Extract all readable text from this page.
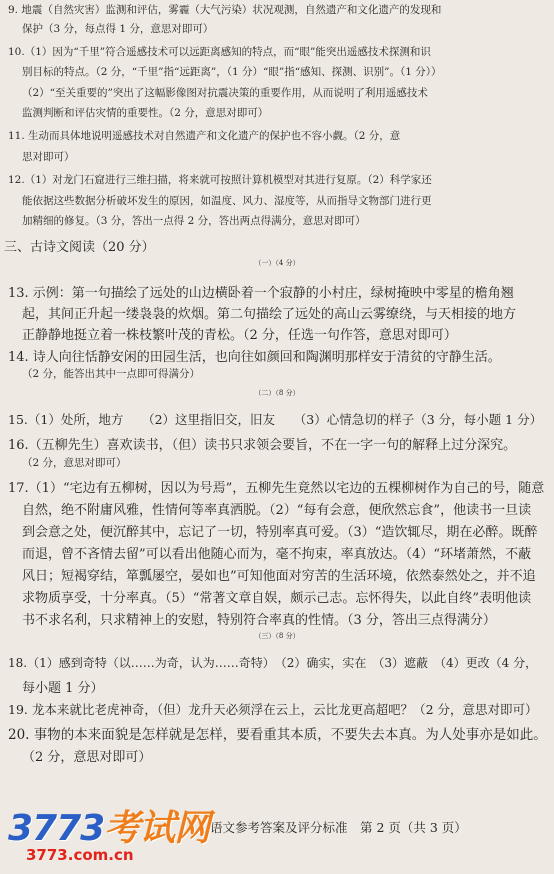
9. 地震（自然灾害）监测和评估，雾霾（大气污染）状况观测，自然遗产和文化遗产的发现和
保护（3 分，每点得 1 分，意思对即可）
10.（1）因为“千里”符合遥感技术可以远距离感知的特点，而“眼”能突出遥感技术探测和识
别目标的特点。（2 分，“千里”指“远距离”，（1 分）“眼”指“感知、探测、识别”。（1 分））
（2）“至关重要的”突出了这幅影像图对抗震决策的重要作用，从而说明了利用遥感技术
监测判断和评估灾情的重要性。（2 分，意思对即可）
11. 生动而具体地说明遥感技术对自然遗产和文化遗产的保护也不容小觑。（2 分，意
思对即可）
12.（1）对龙门石窟进行三维扫描，将来就可按照计算机模型对其进行复原。（2）科学家还
能依据这些数据分析破坏发生的原因，如温度、风力、湿度等，从而指导文物部门进行更
加精细的修复。（3 分，答出一点得 2 分，答出两点得满分，意思对即可）
三、古诗文阅读（20 分）
（一）（4 分）
13. 示例：第一句描绘了远处的山边横卧着一个寂静的小村庄，绿树掩映中零星的檐角翘
起，其间正升起一缕袅袅的炊烟。第二句描绘了远处的高山云雾缭绕，与天相接的地方
正静静地挺立着一株枝繁叶茂的青松。（2 分，任选一句作答，意思对即可）
14. 诗人向往恬静安闲的田园生活，也向往如颜回和陶渊明那样安于清贫的守静生活。
（2 分，能答出其中一点即可得满分）
（二）（8 分）
15.（1）处所，地方　　（2）这里指旧交，旧友　　（3）心情急切的样子（3 分，每小题 1 分）
16.（五柳先生）喜欢读书，（但）读书只求领会要旨，不在一字一句的解释上过分深究。
（2 分，意思对即可）
17.（1）“宅边有五柳树，因以为号焉”，五柳先生竟然以宅边的五棵柳树作为自己的号，随意
自然，绝不附庸风雅，性情何等率真洒脱。（2）“每有会意，便欣然忘食”，他读书一旦读
到会意之处，便沉醉其中，忘记了一切，特别率真可爱。（3）“造饮辄尽，期在必醉。既醉
而退，曾不吝情去留”可以看出他随心而为，毫不拘束，率真放达。（4）“环堵萧然，不蔽
风日；短褐穿结，箪瓢屡空，晏如也”可知他面对穷苦的生活环境，依然泰然处之，并不追
求物质享受，十分率真。（5）“常著文章自娱，颇示己志。忘怀得失，以此自终”表明他读
书不求名利，只求精神上的安慰，特别符合率真的性情。（3 分，答出三点得满分）
（三）（8 分）
18.（1）感到奇特（以……为奇，认为……奇特）　（2）确实，实在　（3）遮蔽　（4）更改（4 分，
每小题 1 分）
19. 龙本来就比老虎神奇，（但）龙升天必须浮在云上，云比龙更高超吧？（2 分，意思对即可）
20. 事物的本来面貌是怎样就是怎样，要看重其本质，不要失去本真。为人处事亦是如此。
（2 分，意思对即可）
语文参考答案及评分标准　第 2 页（共 3 页）
3773考试网
3773.com.cn
